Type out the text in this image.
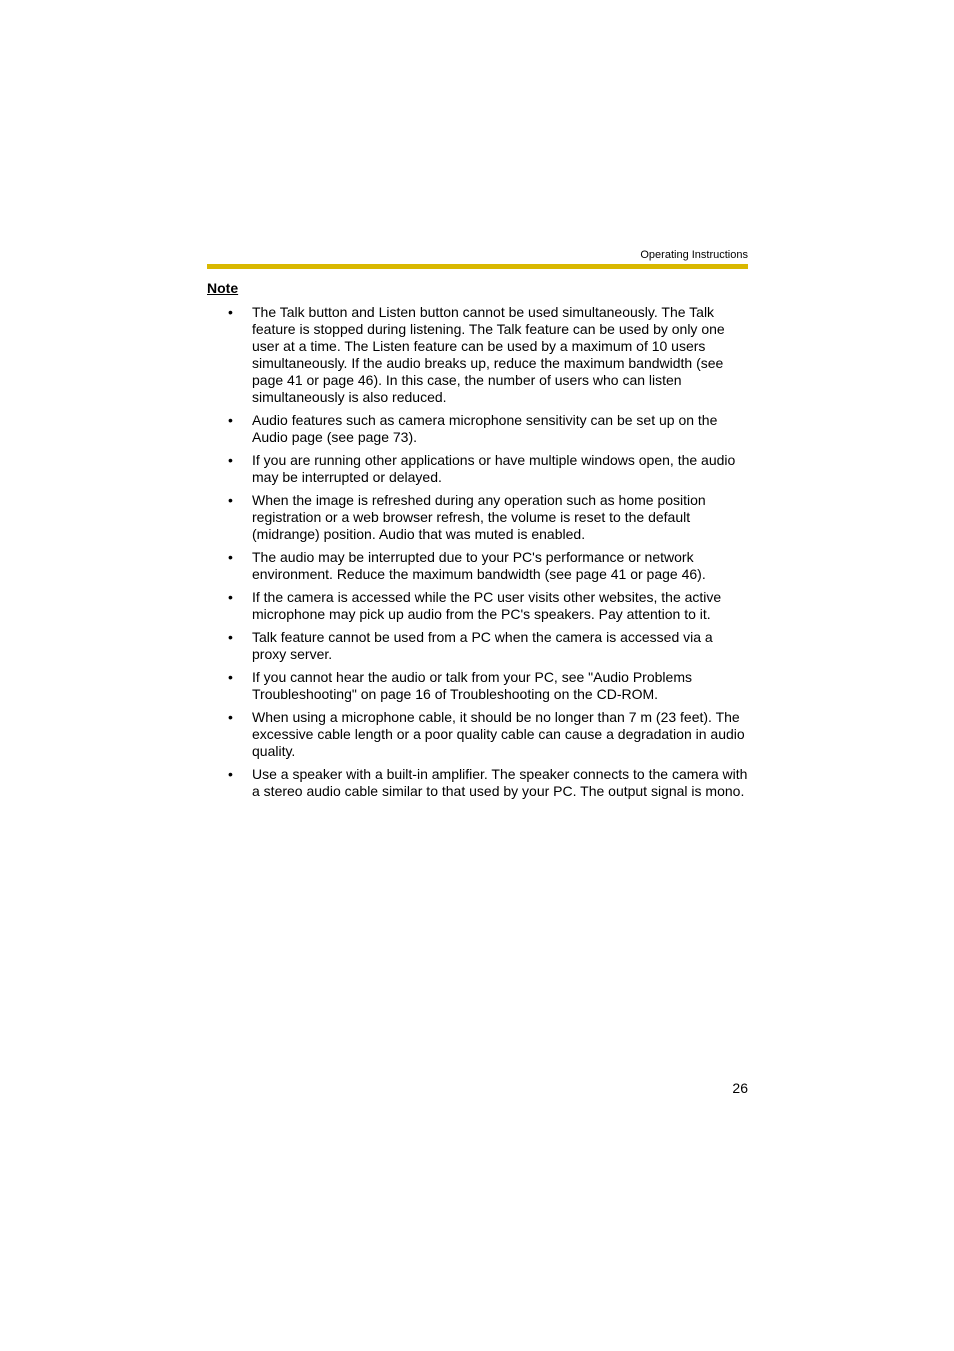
Operating Instructions
Note
• The Talk button and Listen button cannot be used simultaneously. The Talk feature is stopped during listening. The Talk feature can be used by only one user at a time. The Listen feature can be used by a maximum of 10 users simultaneously. If the audio breaks up, reduce the maximum bandwidth (see page 41 or page 46). In this case, the number of users who can listen simultaneously is also reduced.
• Audio features such as camera microphone sensitivity can be set up on the Audio page (see page 73).
• If you are running other applications or have multiple windows open, the audio may be interrupted or delayed.
• When the image is refreshed during any operation such as home position registration or a web browser refresh, the volume is reset to the default (midrange) position. Audio that was muted is enabled.
• The audio may be interrupted due to your PC's performance or network environment. Reduce the maximum bandwidth (see page 41 or page 46).
• If the camera is accessed while the PC user visits other websites, the active microphone may pick up audio from the PC's speakers. Pay attention to it.
• Talk feature cannot be used from a PC when the camera is accessed via a proxy server.
• If you cannot hear the audio or talk from your PC, see "Audio Problems Troubleshooting" on page 16 of Troubleshooting on the CD-ROM.
• When using a microphone cable, it should be no longer than 7 m (23 feet). The excessive cable length or a poor quality cable can cause a degradation in audio quality.
• Use a speaker with a built-in amplifier. The speaker connects to the camera with a stereo audio cable similar to that used by your PC. The output signal is mono.
26
